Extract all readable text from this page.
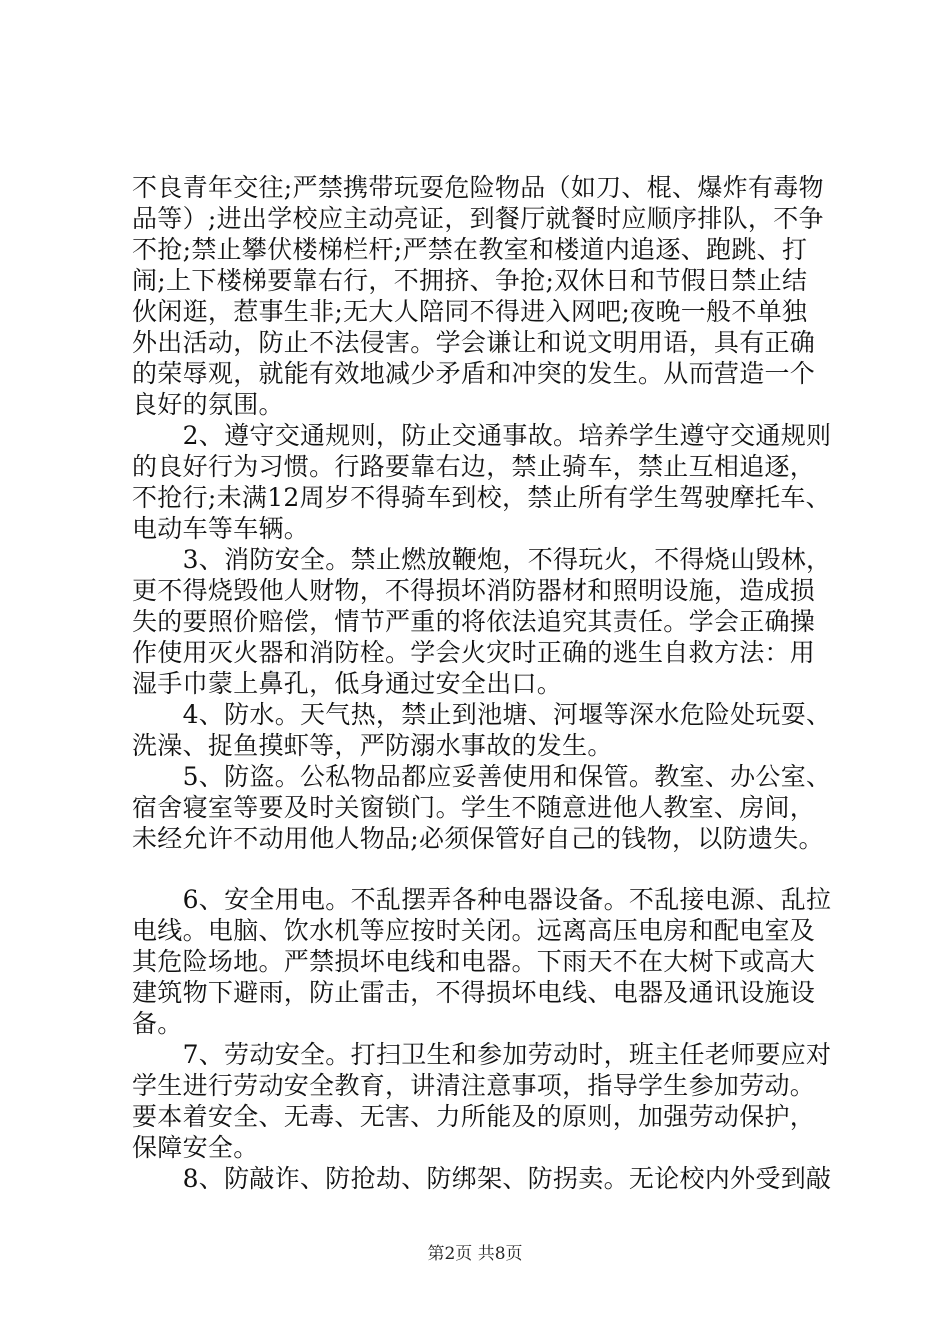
不良青年交往;严禁携带玩耍危险物品（如刀、棍、爆炸有毒物
品等）;进出学校应主动亮证，到餐厅就餐时应顺序排队，不争
不抢;禁止攀伏楼梯栏杆;严禁在教室和楼道内追逐、跑跳、打
闹;上下楼梯要靠右行，不拥挤、争抢;双休日和节假日禁止结
伙闲逛，惹事生非;无大人陪同不得进入网吧;夜晚一般不单独
外出活动，防止不法侵害。学会谦让和说文明用语，具有正确
的荣辱观，就能有效地减少矛盾和冲突的发生。从而营造一个
良好的氛围。
　　2、遵守交通规则，防止交通事故。培养学生遵守交通规则
的良好行为习惯。行路要靠右边，禁止骑车，禁止互相追逐，
不抢行;未满12周岁不得骑车到校，禁止所有学生驾驶摩托车、
电动车等车辆。
　　3、消防安全。禁止燃放鞭炮，不得玩火，不得烧山毁林，
更不得烧毁他人财物，不得损坏消防器材和照明设施，造成损
失的要照价赔偿，情节严重的将依法追究其责任。学会正确操
作使用灭火器和消防栓。学会火灾时正确的逃生自救方法：用
湿手巾蒙上鼻孔，低身通过安全出口。
　　4、防水。天气热，禁止到池塘、河堰等深水危险处玩耍、
洗澡、捉鱼摸虾等，严防溺水事故的发生。
　　5、防盗。公私物品都应妥善使用和保管。教室、办公室、
宿舍寝室等要及时关窗锁门。学生不随意进他人教室、房间，
未经允许不动用他人物品;必须保管好自己的钱物，以防遗失。
　　6、安全用电。不乱摆弄各种电器设备。不乱接电源、乱拉
电线。电脑、饮水机等应按时关闭。远离高压电房和配电室及
其危险场地。严禁损坏电线和电器。下雨天不在大树下或高大
建筑物下避雨，防止雷击，不得损坏电线、电器及通讯设施设
备。
　　7、劳动安全。打扫卫生和参加劳动时，班主任老师要应对
学生进行劳动安全教育，讲清注意事项，指导学生参加劳动。
要本着安全、无毒、无害、力所能及的原则，加强劳动保护，
保障安全。
　　8、防敲诈、防抢劫、防绑架、防拐卖。无论校内外受到敲
第2页 共8页
